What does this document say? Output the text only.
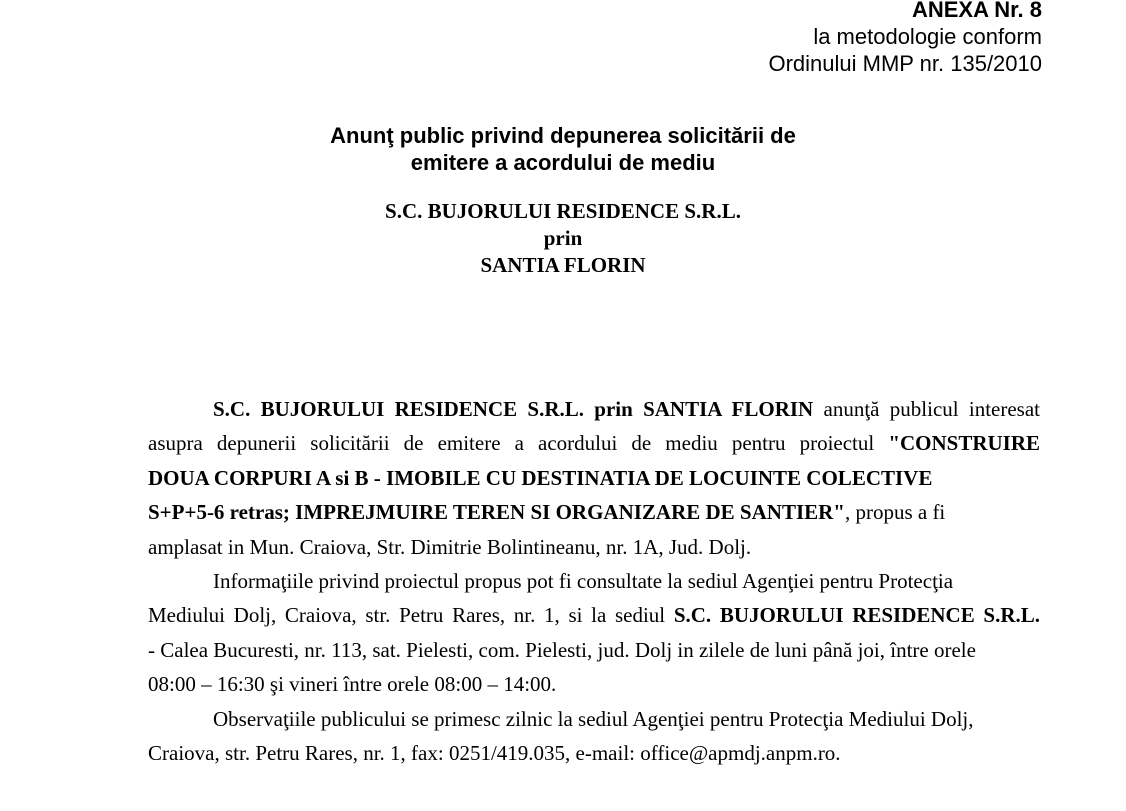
ANEXA Nr. 8
la metodologie conform
Ordinului MMP nr. 135/2010
Anunţ public privind depunerea solicitării de
emitere a acordului de mediu
S.C. BUJORULUI RESIDENCE S.R.L.
prin
SANTIA FLORIN

S.C. BUJORULUI RESIDENCE S.R.L. prin SANTIA FLORIN anunţă publicul interesat

asupra depunerii solicitării de emitere a acordului de mediu pentru proiectul "CONSTRUIRE

DOUA CORPURI A si B - IMOBILE CU DESTINATIA DE LOCUINTE COLECTIVE

S+P+5-6 retras; IMPREJMUIRE TEREN SI ORGANIZARE DE SANTIER", propus a fi

amplasat in Mun. Craiova, Str. Dimitrie Bolintineanu, nr. 1A, Jud. Dolj.

Informaţiile privind proiectul propus pot fi consultate la sediul Agenţiei pentru Protecţia

Mediului Dolj, Craiova, str. Petru Rares, nr. 1, si la sediul S.C. BUJORULUI RESIDENCE S.R.L.

- Calea Bucuresti, nr. 113, sat. Pielesti, com. Pielesti, jud. Dolj in zilele de luni până joi, între orele

08:00 – 16:30 şi vineri între orele 08:00 – 14:00.

Observaţiile publicului se primesc zilnic la sediul Agenţiei pentru Protecţia Mediului Dolj,

Craiova, str. Petru Rares, nr. 1, fax: 0251/419.035, e-mail: office@apmdj.anpm.ro.
